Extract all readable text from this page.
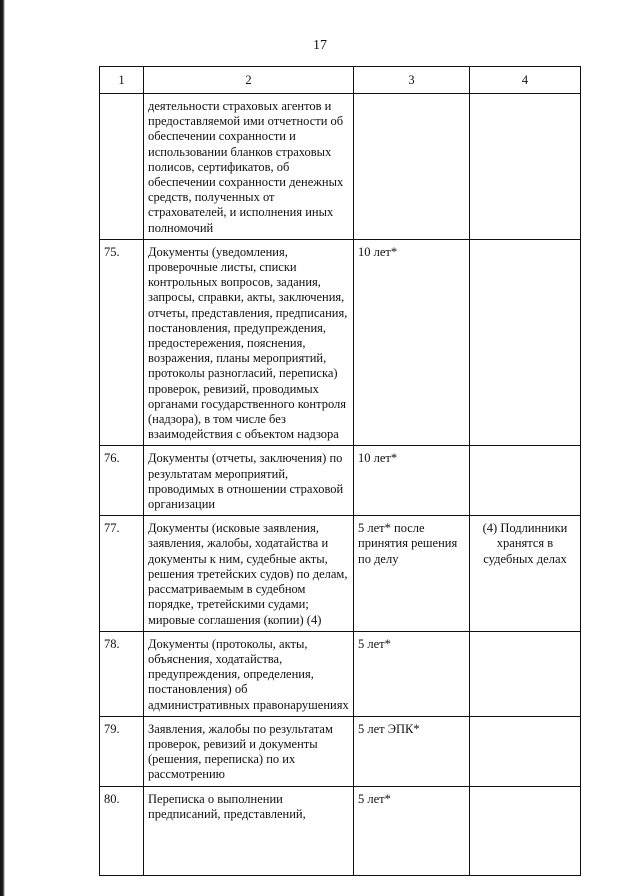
17
1	2	3	4
	деятельности страховых агентов и предоставляемой ими отчетности об обеспечении сохранности и использовании бланков страховых полисов, сертификатов, об обеспечении сохранности денежных средств, полученных от страхователей, и исполнения иных полномочий		
75.	Документы (уведомления, проверочные листы, списки контрольных вопросов, задания, запросы, справки, акты, заключения, отчеты, представления, предписания, постановления, предупреждения, предостережения, пояснения, возражения, планы мероприятий, протоколы разногласий, переписка) проверок, ревизий, проводимых органами государственного контроля (надзора), в том числе без взаимодействия с объектом надзора	10 лет*	
76.	Документы (отчеты, заключения) по результатам мероприятий, проводимых в отношении страховой организации	10 лет*	
77.	Документы (исковые заявления, заявления, жалобы, ходатайства и документы к ним, судебные акты, решения третейских судов) по делам, рассматриваемым в судебном порядке, третейскими судами; мировые соглашения (копии) (4)	5 лет* после принятия решения по делу	(4) Подлинники хранятся в судебных делах
78.	Документы (протоколы, акты, объяснения, ходатайства, предупреждения, определения, постановления) об административных правонарушениях	5 лет*	
79.	Заявления, жалобы по результатам проверок, ревизий и документы (решения, переписка) по их рассмотрению	5 лет ЭПК*	
80.	Переписка о выполнении предписаний, представлений,	5 лет*	
